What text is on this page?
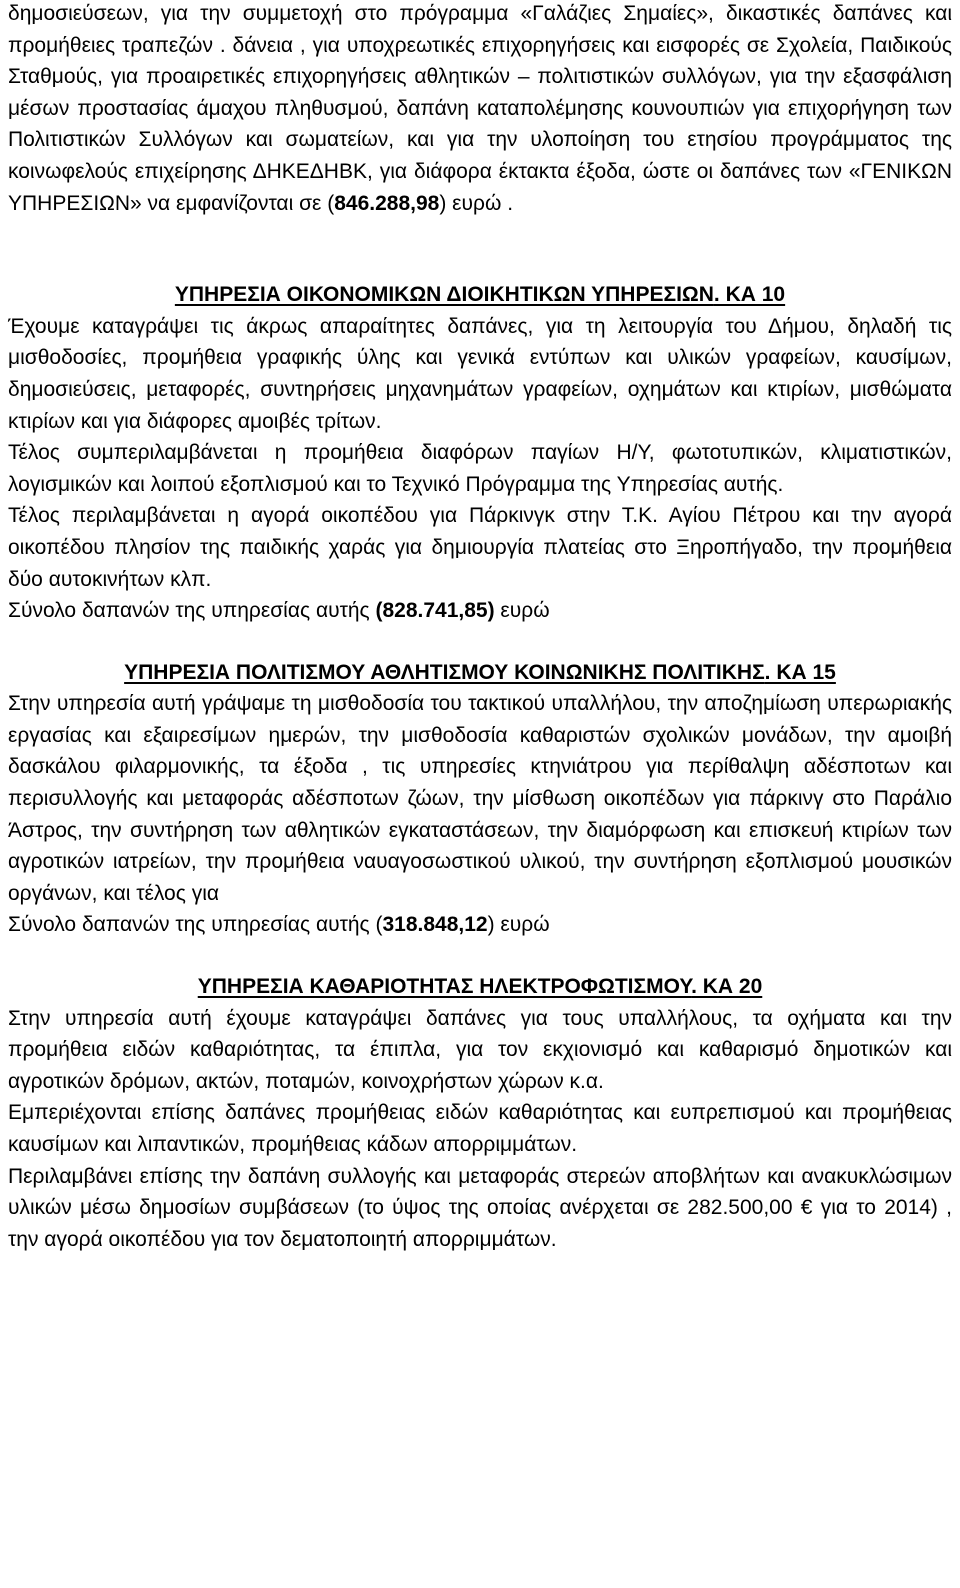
δημοσιεύσεων, για την συμμετοχή στο πρόγραμμα «Γαλάζιες Σημαίες», δικαστικές δαπάνες και προμήθειες τραπεζών . δάνεια , για υποχρεωτικές επιχορηγήσεις και εισφορές σε Σχολεία, Παιδικούς Σταθμούς, για προαιρετικές επιχορηγήσεις αθλητικών – πολιτιστικών συλλόγων, για την εξασφάλιση μέσων προστασίας άμαχου πληθυσμού, δαπάνη καταπολέμησης κουνουπιών για επιχορήγηση των Πολιτιστικών Συλλόγων και σωματείων, και για την υλοποίηση του ετησίου προγράμματος της κοινωφελούς επιχείρησης ΔΗΚΕΔΗΒΚ, για διάφορα έκτακτα έξοδα, ώστε οι δαπάνες των «ΓΕΝΙΚΩΝ ΥΠΗΡΕΣΙΩΝ» να εμφανίζονται σε (846.288,98) ευρώ .

ΥΠΗΡΕΣΙΑ ΟΙΚΟΝΟΜΙΚΩΝ ΔΙΟΙΚΗΤΙΚΩΝ ΥΠΗΡΕΣΙΩΝ. ΚΑ 10

Έχουμε καταγράψει τις άκρως απαραίτητες δαπάνες, για τη λειτουργία του Δήμου, δηλαδή τις μισθοδοσίες, προμήθεια γραφικής ύλης και γενικά εντύπων και υλικών γραφείων, καυσίμων, δημοσιεύσεις, μεταφορές, συντηρήσεις μηχανημάτων γραφείων, οχημάτων και κτιρίων, μισθώματα κτιρίων και για διάφορες αμοιβές τρίτων.

Τέλος συμπεριλαμβάνεται η προμήθεια διαφόρων παγίων Η/Υ, φωτοτυπικών, κλιματιστικών, λογισμικών και λοιπού εξοπλισμού και το Τεχνικό Πρόγραμμα της Υπηρεσίας αυτής.

Τέλος περιλαμβάνεται η αγορά οικοπέδου για Πάρκινγκ στην Τ.Κ. Αγίου Πέτρου και την αγορά οικοπέδου πλησίον της παιδικής χαράς για δημιουργία πλατείας στο Ξηροπήγαδο, την προμήθεια δύο αυτοκινήτων κλπ.

Σύνολο δαπανών της υπηρεσίας αυτής (828.741,85) ευρώ

ΥΠΗΡΕΣΙΑ ΠΟΛΙΤΙΣΜΟΥ ΑΘΛΗΤΙΣΜΟΥ ΚΟΙΝΩΝΙΚΗΣ ΠΟΛΙΤΙΚΗΣ. ΚΑ 15

Στην υπηρεσία αυτή γράψαμε τη μισθοδοσία του τακτικού υπαλλήλου, την αποζημίωση υπερωριακής εργασίας και εξαιρεσίμων ημερών, την μισθοδοσία καθαριστών σχολικών μονάδων, την αμοιβή δασκάλου φιλαρμονικής, τα έξοδα , τις υπηρεσίες κτηνιάτρου για περίθαλψη αδέσποτων και περισυλλογής και μεταφοράς αδέσποτων ζώων, την μίσθωση οικοπέδων για πάρκινγ στο Παράλιο Άστρος, την συντήρηση των αθλητικών εγκαταστάσεων, την διαμόρφωση και επισκευή κτιρίων των αγροτικών ιατρείων, την προμήθεια ναυαγοσωστικού υλικού, την συντήρηση εξοπλισμού μουσικών οργάνων, και τέλος για

Σύνολο δαπανών της υπηρεσίας αυτής (318.848,12) ευρώ

ΥΠΗΡΕΣΙΑ ΚΑΘΑΡΙΟΤΗΤΑΣ ΗΛΕΚΤΡΟΦΩΤΙΣΜΟΥ. ΚΑ 20

Στην υπηρεσία αυτή έχουμε καταγράψει δαπάνες για τους υπαλλήλους, τα οχήματα και την προμήθεια ειδών καθαριότητας, τα έπιπλα, για τον εκχιονισμό και καθαρισμό δημοτικών και αγροτικών δρόμων, ακτών, ποταμών, κοινοχρήστων χώρων κ.α.

Εμπεριέχονται επίσης δαπάνες προμήθειας ειδών καθαριότητας και ευπρεπισμού και προμήθειας καυσίμων και λιπαντικών, προμήθειας κάδων απορριμμάτων.

Περιλαμβάνει επίσης την δαπάνη συλλογής και μεταφοράς στερεών αποβλήτων και ανακυκλώσιμων υλικών μέσω δημοσίων συμβάσεων (το ύψος της οποίας ανέρχεται σε 282.500,00 € για το 2014) , την αγορά οικοπέδου για τον δεματοποιητή απορριμμάτων.
